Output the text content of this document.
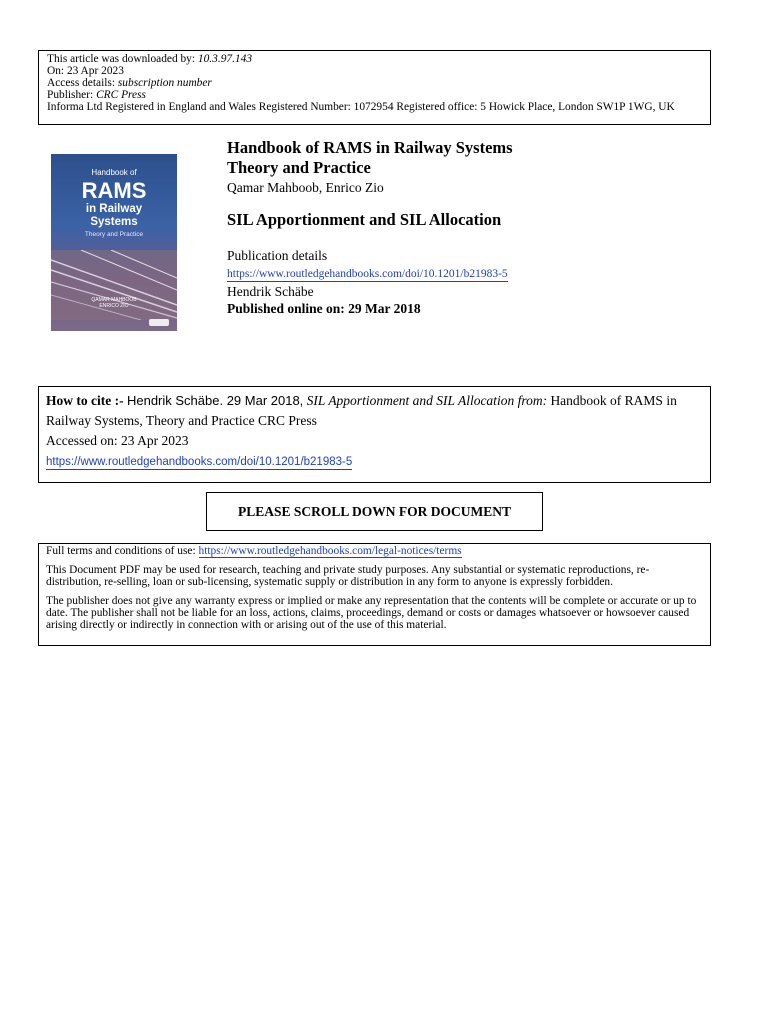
This article was downloaded by: 10.3.97.143
On: 23 Apr 2023
Access details: subscription number
Publisher: CRC Press
Informa Ltd Registered in England and Wales Registered Number: 1072954 Registered office: 5 Howick Place, London SW1P 1WG, UK
Handbook of
RAMS
in Railway
Systems
Theory and Practice
QAMAR MAHBOOB
ENRICO ZIO
Handbook of RAMS in Railway Systems
Theory and Practice
Qamar Mahboob, Enrico Zio
SIL Apportionment and SIL Allocation
Publication details
https://www.routledgehandbooks.com/doi/10.1201/b21983-5
Hendrik Schäbe
Published online on: 29 Mar 2018
How to cite :- Hendrik Schäbe. 29 Mar 2018, SIL Apportionment and SIL Allocation from: Handbook of RAMS in Railway Systems, Theory and Practice CRC Press
Accessed on: 23 Apr 2023
https://www.routledgehandbooks.com/doi/10.1201/b21983-5
PLEASE SCROLL DOWN FOR DOCUMENT

Full terms and conditions of use: https://www.routledgehandbooks.com/legal-notices/terms

This Document PDF may be used for research, teaching and private study purposes. Any substantial or systematic reproductions, re-distribution, re-selling, loan or sub-licensing, systematic supply or distribution in any form to anyone is expressly forbidden.

The publisher does not give any warranty express or implied or make any representation that the contents will be complete or accurate or up to date. The publisher shall not be liable for an loss, actions, claims, proceedings, demand or costs or damages whatsoever or howsoever caused arising directly or indirectly in connection with or arising out of the use of this material.
